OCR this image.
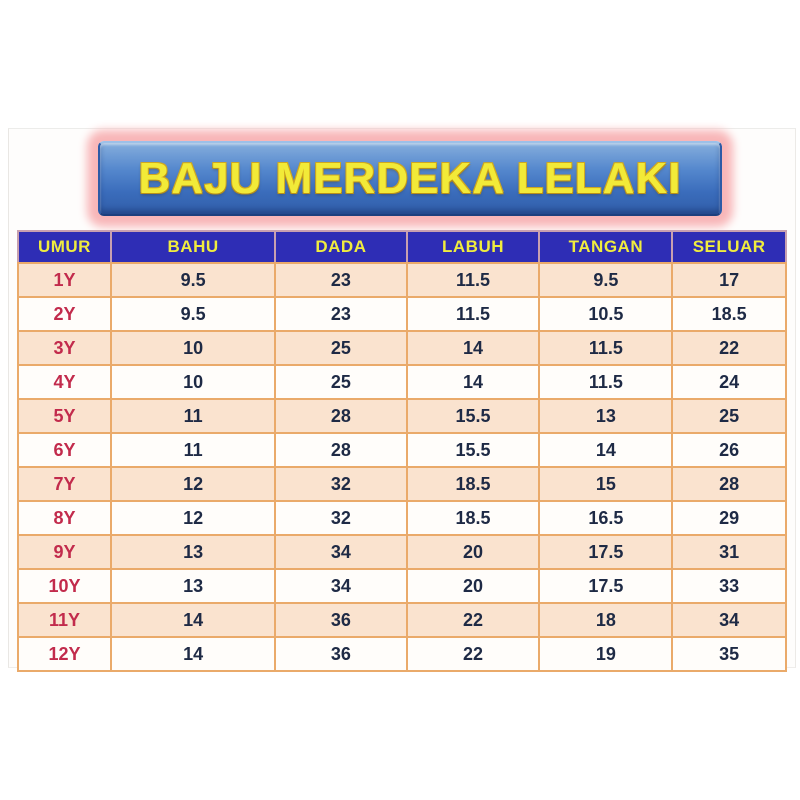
BAJU MERDEKA LELAKI
UMUR	BAHU	DADA	LABUH	TANGAN	SELUAR
1Y	9.5	23	11.5	9.5	17
2Y	9.5	23	11.5	10.5	18.5
3Y	10	25	14	11.5	22
4Y	10	25	14	11.5	24
5Y	11	28	15.5	13	25
6Y	11	28	15.5	14	26
7Y	12	32	18.5	15	28
8Y	12	32	18.5	16.5	29
9Y	13	34	20	17.5	31
10Y	13	34	20	17.5	33
11Y	14	36	22	18	34
12Y	14	36	22	19	35
